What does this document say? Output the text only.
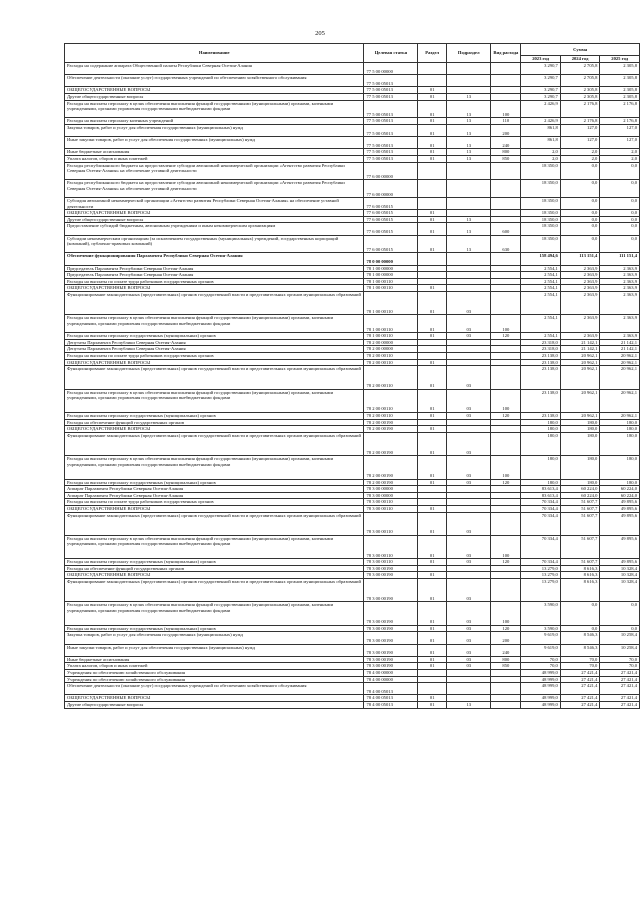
205
Наименование	Целевая статья	Раздел	Подраздел	Вид расхода	Сумма		
					2023 год	2024 год	2025 год
Расходы на содержание аппарата Общественной палаты Республики Северная Осетия-Алания	77 5 00 00000				3 290,7	2 705,8	2 305,8
Обеспечение деятельности (оказание услуг) государственных учреждений по обеспечению хозяйственного обслуживания	77 5 00 05013				3 290,7	2 705,8	2 305,8
ОБЩЕГОСУДАРСТВЕННЫЕ ВОПРОСЫ	77 5 00 05013	01			3 290,7	2 305,8	2 305,8
Другие общегосударственные вопросы	77 5 00 05013	01	13		3 290,7	2 305,8	2 305,8
Расходы на выплаты персоналу в целях обеспечения выполнения функций государственными (муниципальными) органами, казенными учреждениями, органами управления государственными внебюджетными фондами	77 5 00 05013	01	13	100	2 426,9	2 176,8	2 176,8
Расходы на выплаты персоналу казенных учреждений	77 5 00 05013	01	13	110	2 426,9	2 176,8	2 176,8
Закупка товаров, работ и услуг для обеспечения государственных (муниципальных) нужд	77 5 00 05013	01	13	200	861,8	127,0	127,0
Иные закупки товаров, работ и услуг для обеспечения государственных (муниципальных) нужд	77 5 00 05013	01	13	240	861,8	127,0	127,0
Иные бюджетные ассигнования	77 5 00 05013	01	13	800	2,0	2,0	2,0
Уплата налогов, сборов и иных платежей	77 5 00 05013	01	13	850	2,0	2,0	2,0
Расходы республиканского бюджета на предоставление субсидии автономной некоммерческой организации «Агентство развития Республики Северная Осетия-Алания» на обеспечение уставной деятельности	77 6 00 00000				18 350,0	0,0	0,0
Расходы республиканского бюджета на предоставление субсидии автономной некоммерческой организации «Агентство развития Республики Северная Осетия-Алания» на обеспечение уставной деятельности	77 6 00 00000				18 350,0	0,0	0,0
Субсидия автономной некоммерческой организации «Агентство развития Республики Северная Осетия-Алания» на обеспечение уставной деятельности	77 6 00 05015				18 350,0	0,0	0,0
ОБЩЕГОСУДАРСТВЕННЫЕ ВОПРОСЫ	77 6 00 05015	01			18 350,0	0,0	0,0
Другие общегосударственные вопросы	77 6 00 05015	01	13		18 350,0	0,0	0,0
Предоставление субсидий бюджетным, автономным учреждениям и иным некоммерческим организациям	77 6 00 05015	01	13	600	18 350,0	0,0	0,0
Субсидии некоммерческим организациям (за исключением государственных (муниципальных) учреждений, государственных корпораций (компаний), публично-правовых компаний)	77 6 00 05015	01	13	630	18 350,0	0,0	0,0
Обеспечение функционирования Парламента Республики Северная Осетия-Алания	78 0 00 00000				158 494,6	113 151,4	111 151,4
Председатель Парламента Республики Северная Осетия-Алания	78 1 00 00000				2 554,1	2 363,9	2 363,9
Председатель Парламента Республики Северная Осетия-Алания	78 1 00 00000				2 554,1	2 363,9	2 363,9
Расходы на выплаты по оплате труда работников государственных органов	78 1 00 00110				2 554,1	2 363,9	2 363,9
ОБЩЕГОСУДАРСТВЕННЫЕ ВОПРОСЫ	78 1 00 00110	01			2 554,1	2 363,9	2 363,9
Функционирование законодательных (представительных) органов государственной власти и представительных органов муниципальных образований	78 1 00 00110	01	03		2 554,1	2 363,9	2 363,9
Расходы на выплаты персоналу в целях обеспечения выполнения функций государственными (муниципальными) органами, казенными учреждениями, органами управления государственными внебюджетными фондами	78 1 00 00110	01	03	100	2 554,1	2 363,9	2 363,9
Расходы на выплаты персоналу государственных (муниципальных) органов	78 1 00 00110	01	03	120	2 554,1	2 363,9	2 363,9
Депутаты Парламента Республики Северная Осетия-Алания	78 2 00 00000				23 318,0	21 142,1	21 142,1
Депутаты Парламента Республики Северная Осетия-Алания	78 2 00 00000				23 318,0	21 142,1	21 142,1
Расходы на выплаты по оплате труда работников государственных органов	78 2 00 00110				23 138,0	20 962,1	20 962,1
ОБЩЕГОСУДАРСТВЕННЫЕ ВОПРОСЫ	78 2 00 00110	01			23 138,0	20 962,1	20 962,1
Функционирование законодательных (представительных) органов государственной власти и представительных органов муниципальных образований	78 2 00 00110	01	03		23 138,0	20 962,1	20 962,1
Расходы на выплаты персоналу в целях обеспечения выполнения функций государственными (муниципальными) органами, казенными учреждениями, органами управления государственными внебюджетными фондами	78 2 00 00110	01	03	100	23 138,0	20 962,1	20 962,1
Расходы на выплаты персоналу государственных (муниципальных) органов	78 2 00 00110	01	03	120	23 138,0	20 962,1	20 962,1
Расходы на обеспечение функций государственных органов	78 2 00 00190				180,0	180,0	180,0
ОБЩЕГОСУДАРСТВЕННЫЕ ВОПРОСЫ	78 2 00 00190	01			180,0	180,0	180,0
Функционирование законодательных (представительных) органов государственной власти и представительных органов муниципальных образований	78 2 00 00190	01	03		180,0	180,0	180,0
Расходы на выплаты персоналу в целях обеспечения выполнения функций государственными (муниципальными) органами, казенными учреждениями, органами управления государственными внебюджетными фондами	78 2 00 00190	01	03	100	180,0	180,0	180,0
Расходы на выплаты персоналу государственных (муниципальных) органов	78 2 00 00190	01	03	120	180,0	180,0	180,0
Аппарат Парламента Республики Северная Осетия-Алания	78 3 00 00000				83 613,4	60 224,0	60 224,0
Аппарат Парламента Республики Северная Осетия-Алания	78 3 00 00000				83 613,4	60 224,0	60 224,0
Расходы на выплаты по оплате труда работников государственных органов	78 3 00 00110				70 334,4	51 607,7	49 895,6
ОБЩЕГОСУДАРСТВЕННЫЕ ВОПРОСЫ	78 3 00 00110	01			70 334,4	51 607,7	49 895,6
Функционирование законодательных (представительных) органов государственной власти и представительных органов муниципальных образований	78 3 00 00110	01	03		70 334,4	51 607,7	49 895,6
Расходы на выплаты персоналу в целях обеспечения выполнения функций государственными (муниципальными) органами, казенными учреждениями, органами управления государственными внебюджетными фондами	78 3 00 00110	01	03	100	70 334,4	51 607,7	49 895,6
Расходы на выплаты персоналу государственных (муниципальных) органов	78 3 00 00110	01	03	120	70 334,4	51 607,7	49 895,6
Расходы на обеспечение функций государственных органов	78 3 00 00190				13 279,0	8 616,3	10 328,4
ОБЩЕГОСУДАРСТВЕННЫЕ ВОПРОСЫ	78 3 00 00190	01			13 279,0	8 616,3	10 328,4
Функционирование законодательных (представительных) органов государственной власти и представительных органов муниципальных образований	78 3 00 00190	01	03		13 279,0	8 616,3	10 328,4
Расходы на выплаты персоналу в целях обеспечения выполнения функций государственными (муниципальными) органами, казенными учреждениями, органами управления государственными внебюджетными фондами	78 3 00 00190	01	03	100	3 590,0	0,0	0,0
Расходы на выплаты персоналу государственных (муниципальных) органов	78 3 00 00190	01	03	120	3 590,0	0,0	0,0
Закупка товаров, работ и услуг для обеспечения государственных (муниципальных) нужд	78 3 00 00190	01	03	200	9 619,0	8 546,3	10 258,4
Иные закупки товаров, работ и услуг для обеспечения государственных (муниципальных) нужд	78 3 00 00190	01	03	240	9 619,0	8 546,3	10 258,4
Иные бюджетные ассигнования	78 3 00 00190	01	03	800	70,0	70,0	70,0
Уплата налогов, сборов и иных платежей	78 3 00 00190	01	03	850	70,0	70,0	70,0
Учреждения по обеспечению хозяйственного обслуживания	78 4 00 00000				48 999,0	27 421,4	27 421,4
Учреждения по обеспечению хозяйственного обслуживания	78 4 00 00000				48 999,0	27 421,4	27 421,4
Обеспечение деятельности (оказание услуг) государственных учреждений по обеспечению хозяйственного обслуживания	78 4 00 05013				48 999,0	27 421,4	27 421,4
ОБЩЕГОСУДАРСТВЕННЫЕ ВОПРОСЫ	78 4 00 05013	01			48 999,0	27 421,4	27 421,4
Другие общегосударственные вопросы	78 4 00 05013	01	13		48 999,0	27 421,4	27 421,4
